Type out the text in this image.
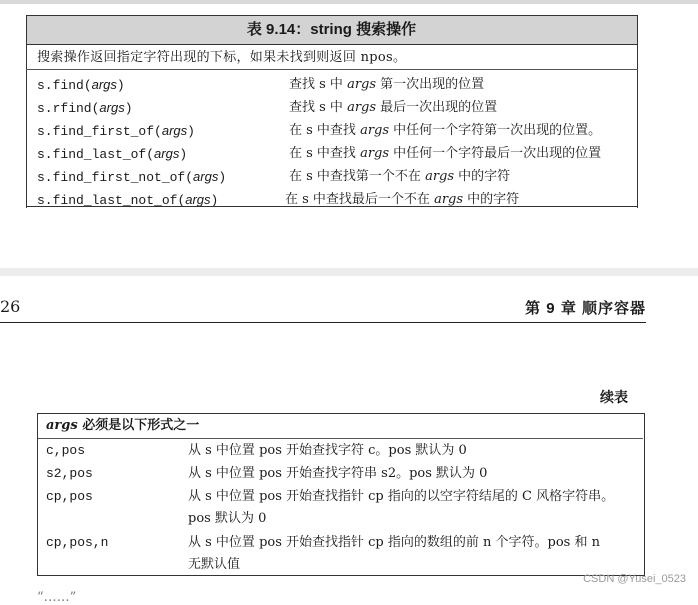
表 9.14：string 搜索操作
搜索操作返回指定字符出现的下标，如果未找到则返回 npos。
s.find(args)	查找 s 中 args 第一次出现的位置
s.rfind(args)	查找 s 中 args 最后一次出现的位置
s.find_first_of(args)	在 s 中查找 args 中任何一个字符第一次出现的位置。
s.find_last_of(args)	在 s 中查找 args 中任何一个字符最后一次出现的位置
s.find_first_not_of(args)	在 s 中查找第一个不在 args 中的字符
s.find_last_not_of(args)	在 s 中查找最后一个不在 args 中的字符
26	第 9 章 顺序容器
续表
args 必须是以下形式之一
c,pos	从 s 中位置 pos 开始查找字符 c。pos 默认为 0
s2,pos	从 s 中位置 pos 开始查找字符串 s2。pos 默认为 0
cp,pos	从 s 中位置 pos 开始查找指针 cp 指向的以空字符结尾的 C 风格字符串。
pos 默认为 0
cp,pos,n	从 s 中位置 pos 开始查找指针 cp 指向的数组的前 n 个字符。pos 和 n
无默认值
“……”
CSDN @Yusei_0523
